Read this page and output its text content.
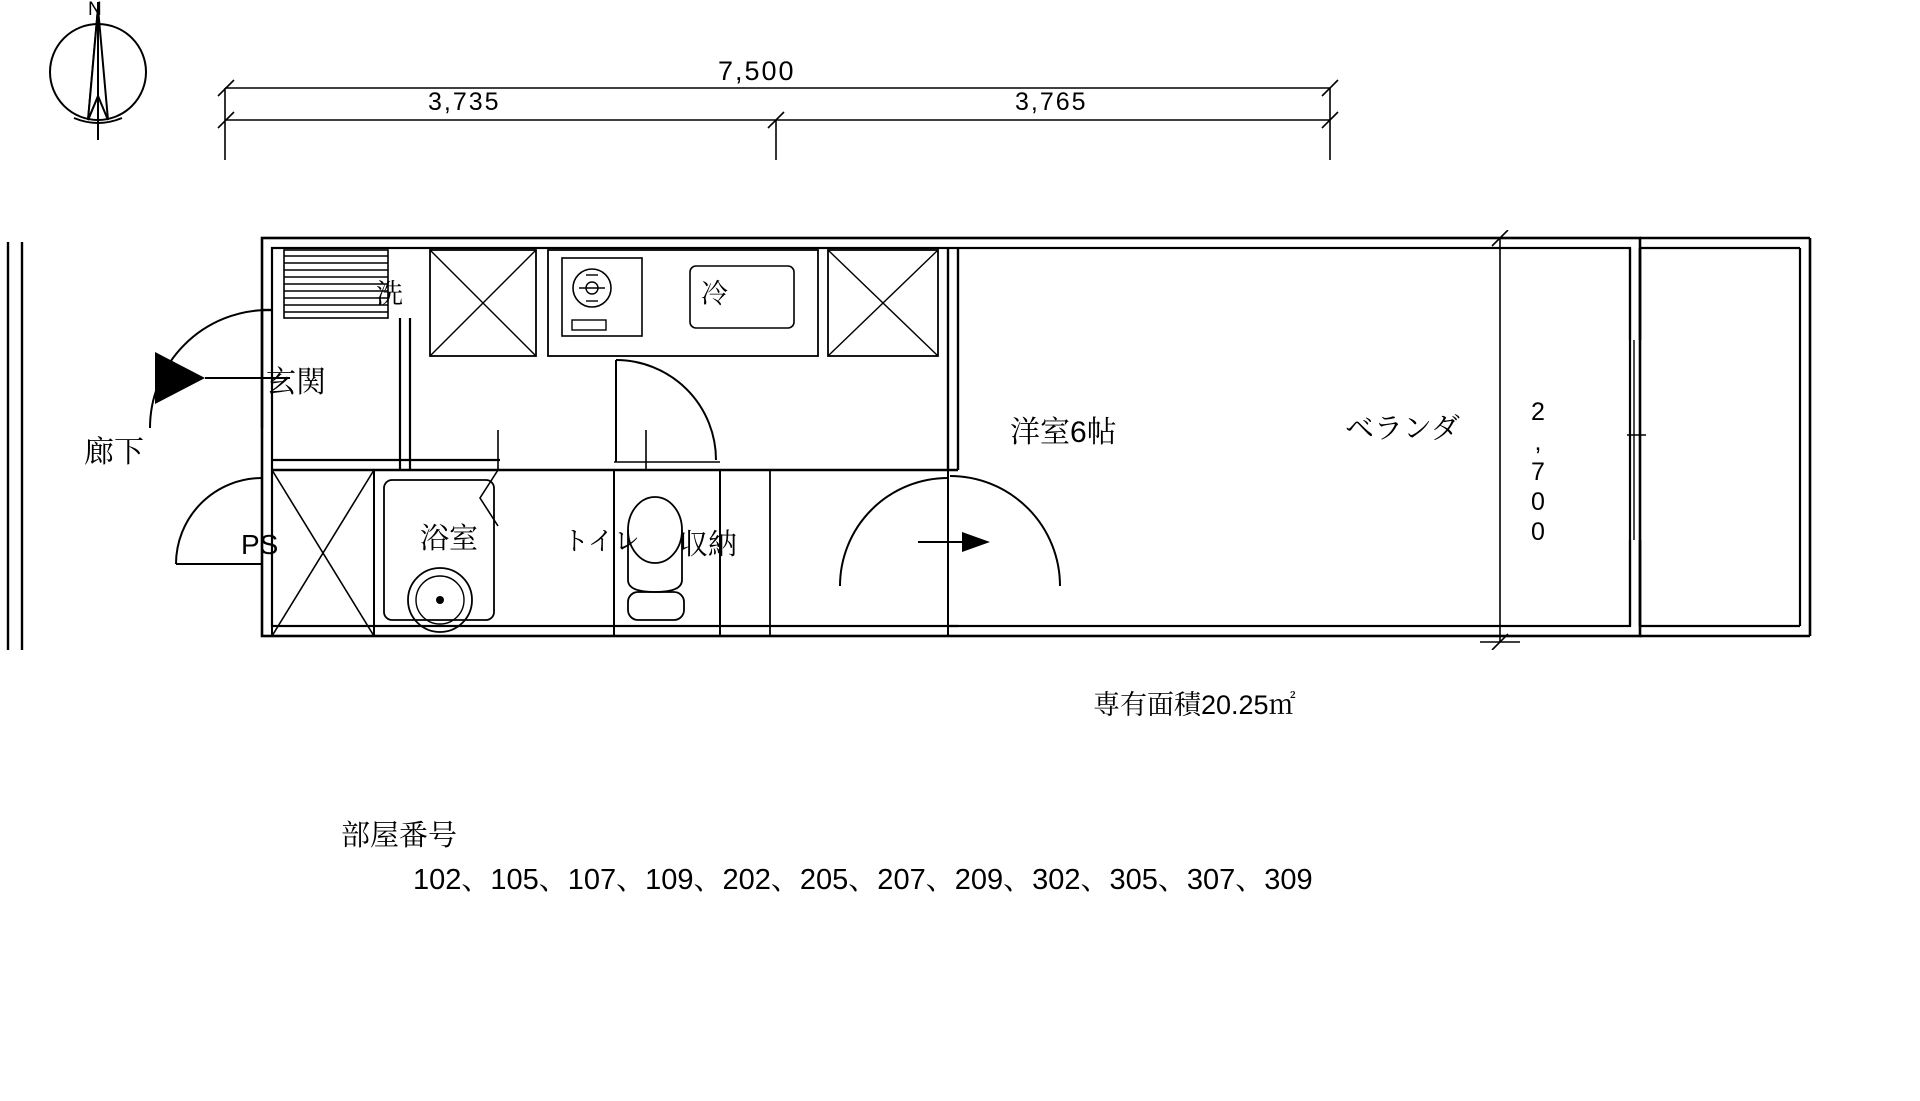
N
7,500
3,735	3,765
2,700
廊下
玄関
PS	浴室	トイレ 収納
洋室6帖	ベランダ
洗	冷
専有面積20.25㎡
部屋番号
102、105、107、109、202、205、207、209、302、305、307、309
